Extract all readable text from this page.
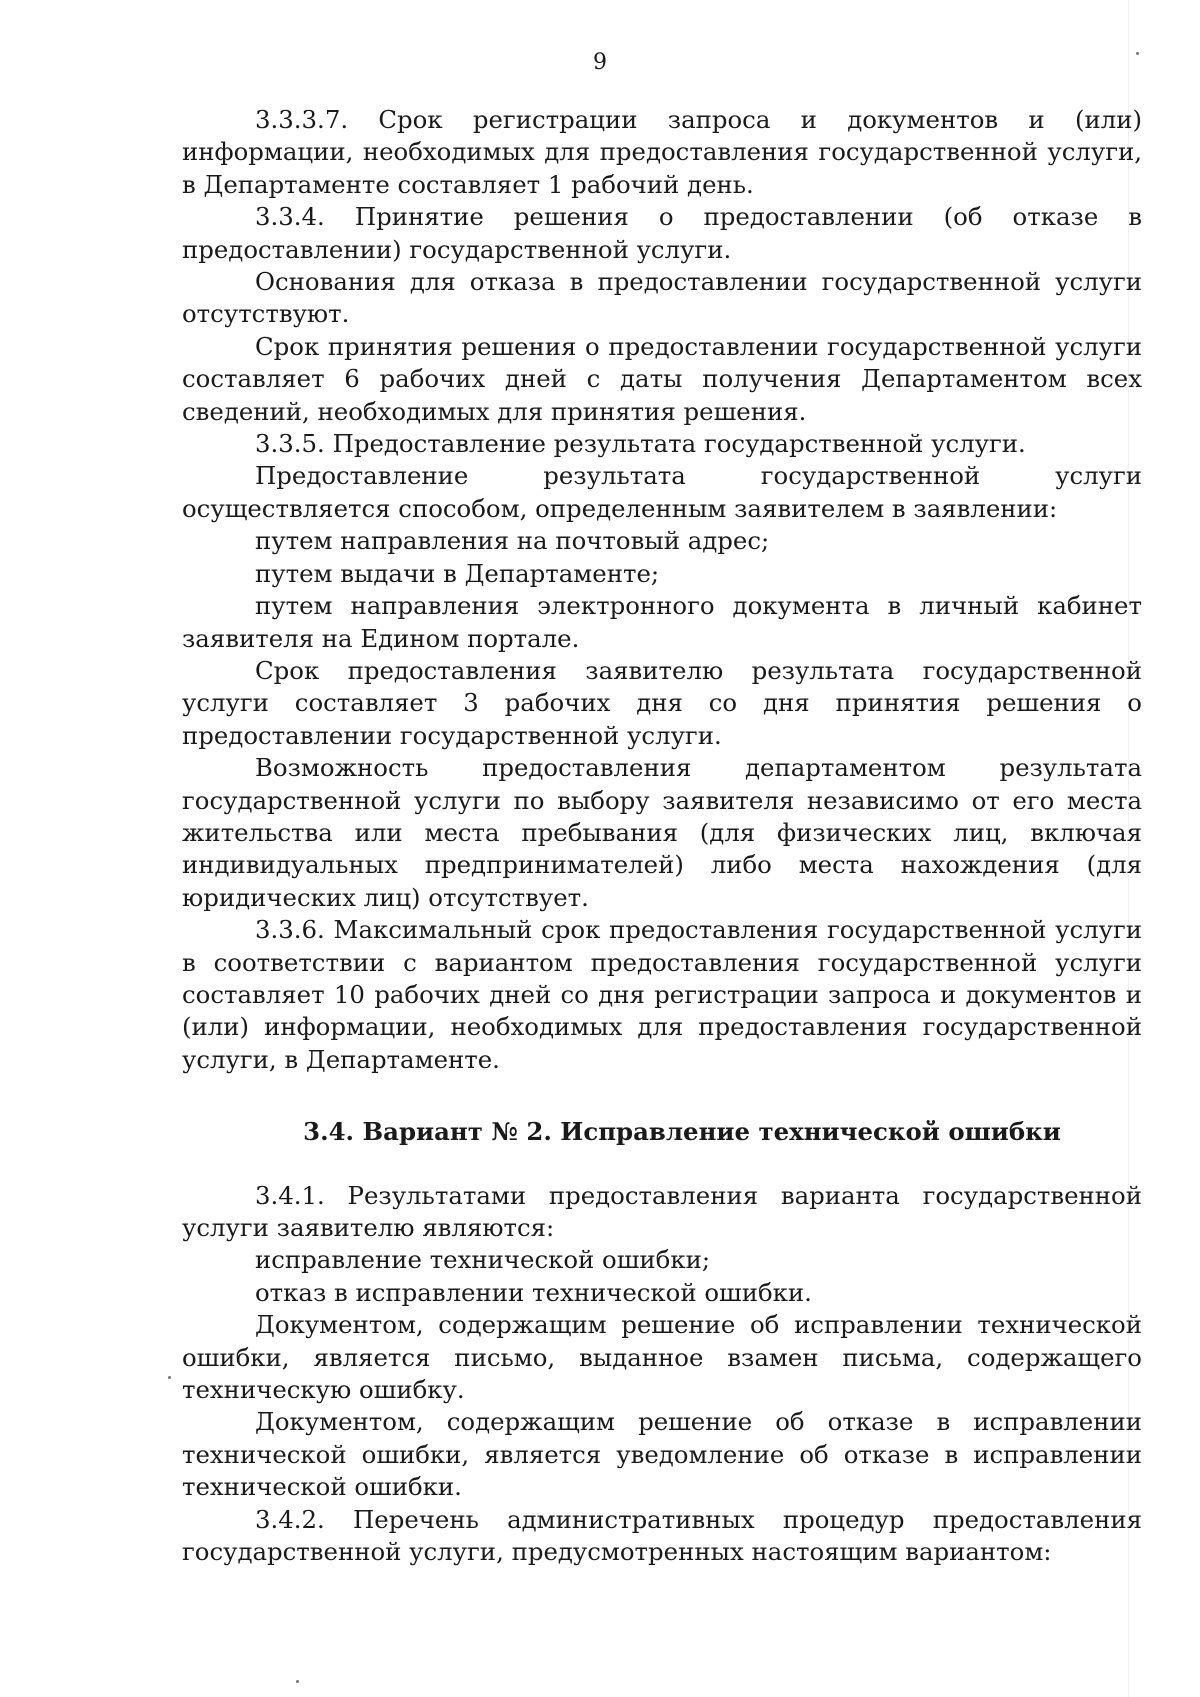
9

3.3.3.7. Срок регистрации запроса и документов и (или) информации, необходимых для предоставления государственной услуги, в Департаменте составляет 1 рабочий день.

3.3.4. Принятие решения о предоставлении (об отказе в предоставлении) государственной услуги.

Основания для отказа в предоставлении государственной услуги отсутствуют.

Срок принятия решения о предоставлении государственной услуги составляет 6 рабочих дней с даты получения Департаментом всех сведений, необходимых для принятия решения.

3.3.5. Предоставление результата государственной услуги.

Предоставление результата государственной услуги осуществляется способом, определенным заявителем в заявлении:

путем направления на почтовый адрес;

путем выдачи в Департаменте;

путем направления электронного документа в личный кабинет заявителя на Едином портале.

Срок предоставления заявителю результата государственной услуги составляет 3 рабочих дня со дня принятия решения о предоставлении государственной услуги.

Возможность предоставления департаментом результата государственной услуги по выбору заявителя независимо от его места жительства или места пребывания (для физических лиц, включая индивидуальных предпринимателей) либо места нахождения (для юридических лиц) отсутствует.

3.3.6. Максимальный срок предоставления государственной услуги в соответствии с вариантом предоставления государственной услуги составляет 10 рабочих дней со дня регистрации запроса и документов и (или) информации, необходимых для предоставления государственной услуги, в Департаменте.

3.4. Вариант № 2. Исправление технической ошибки

3.4.1. Результатами предоставления варианта государственной услуги заявителю являются:

исправление технической ошибки;

отказ в исправлении технической ошибки.

Документом, содержащим решение об исправлении технической ошибки, является письмо, выданное взамен письма, содержащего техническую ошибку.

Документом, содержащим решение об отказе в исправлении технической ошибки, является уведомление об отказе в исправлении технической ошибки.

3.4.2. Перечень административных процедур предоставления государственной услуги, предусмотренных настоящим вариантом:
